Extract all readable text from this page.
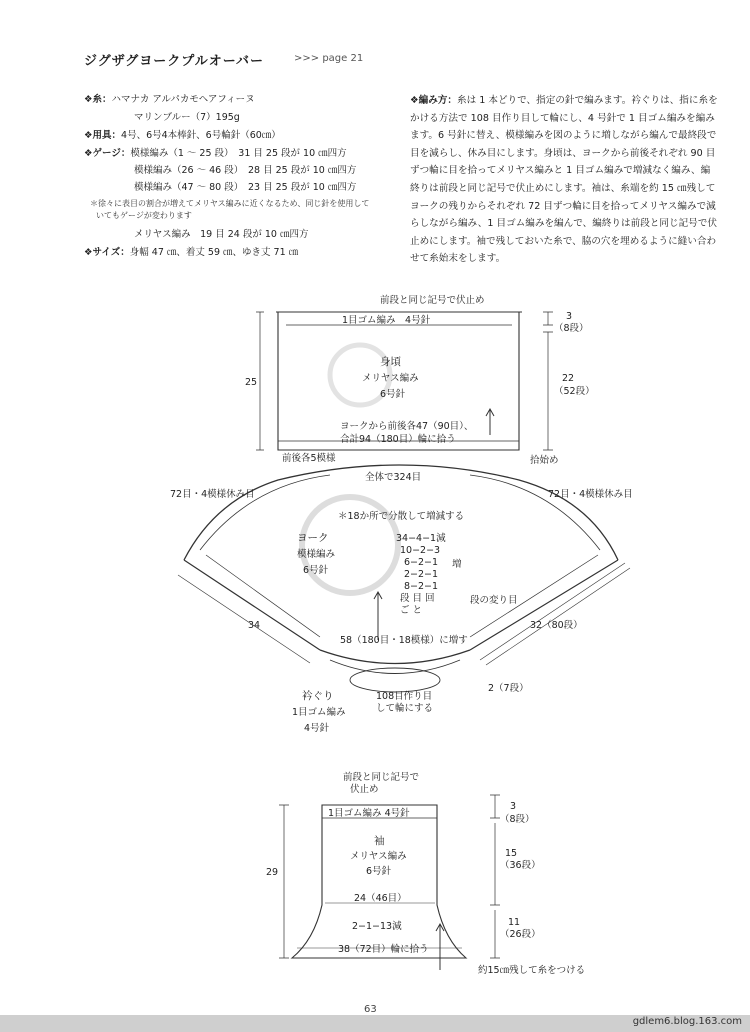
ジグザグヨークプルオーバー	>>> page 21
❖糸：ハマナカ アルパカモヘアフィーヌ
マリンブルー（7）195g
❖用具：4号、6号4本棒針、6号輪針（60㎝）
❖ゲージ：模様編み（1 〜 25 段）　31 目 25 段が 10 ㎝四方
模様編み（26 〜 46 段）　28 目 25 段が 10 ㎝四方
模様編み（47 〜 80 段）　23 目 25 段が 10 ㎝四方
＊徐々に表目の割合が増えてメリヤス編みに近くなるため、同じ針を使用して
いてもゲージが変わります
メリヤス編み　19 目 24 段が 10 ㎝四方
❖サイズ：身幅 47 ㎝、着丈 59 ㎝、ゆき丈 71 ㎝
❖編み方：糸は 1 本どりで、指定の針で編みます。衿ぐりは、指に糸をかける方法で 108 目作り目して輪にし、4 号針で 1 目ゴム編みを編みます。6 号針に替え、模様編みを図のように増しながら編んで最終段で目を減らし、休み目にします。身頃は、ヨークから前後それぞれ 90 目ずつ輪に目を拾ってメリヤス編みと 1 目ゴム編みで増減なく編み、編終りは前段と同じ記号で伏止めにします。袖は、糸端を約 15 ㎝残してヨークの残りからそれぞれ 72 目ずつ輪に目を拾ってメリヤス編みで減らしながら編み、1 目ゴム編みを編んで、編終りは前段と同じ記号で伏止めにします。袖で残しておいた糸で、脇の穴を埋めるように縫い合わせて糸始末をします。
前段と同じ記号で伏止め
1目ゴム編み　4号針
身頃
メリヤス編み
6号針
25
3
（8段）
22
（52段）
ヨークから前後各47（90目）、
合計94（180目）輪に拾う
拾始め
前後各5模様
全体で324目
72目・4模様休み目	72目・4模様休み目
＊18か所で分散して増減する
34−4−1減
10−2−3
6−2−1
2−2−1
8−2−1
段 目 回
ご と
増
ヨーク
模様編み
6号針
段の変り目
34	32（80段）
58（180目・18模様）に増す
2（7段）
108目作り目
して輪にする
衿ぐり
1目ゴム編み
4号針
前段と同じ記号で
伏止め
1目ゴム編み 4号針
袖
メリヤス編み
6号針
29
3
（8段）
15
（36段）
24（46目）
2−1−13減
38（72目）輪に拾う
11
（26段）
約15㎝残して糸をつける
63
gdlem6.blog.163.com
